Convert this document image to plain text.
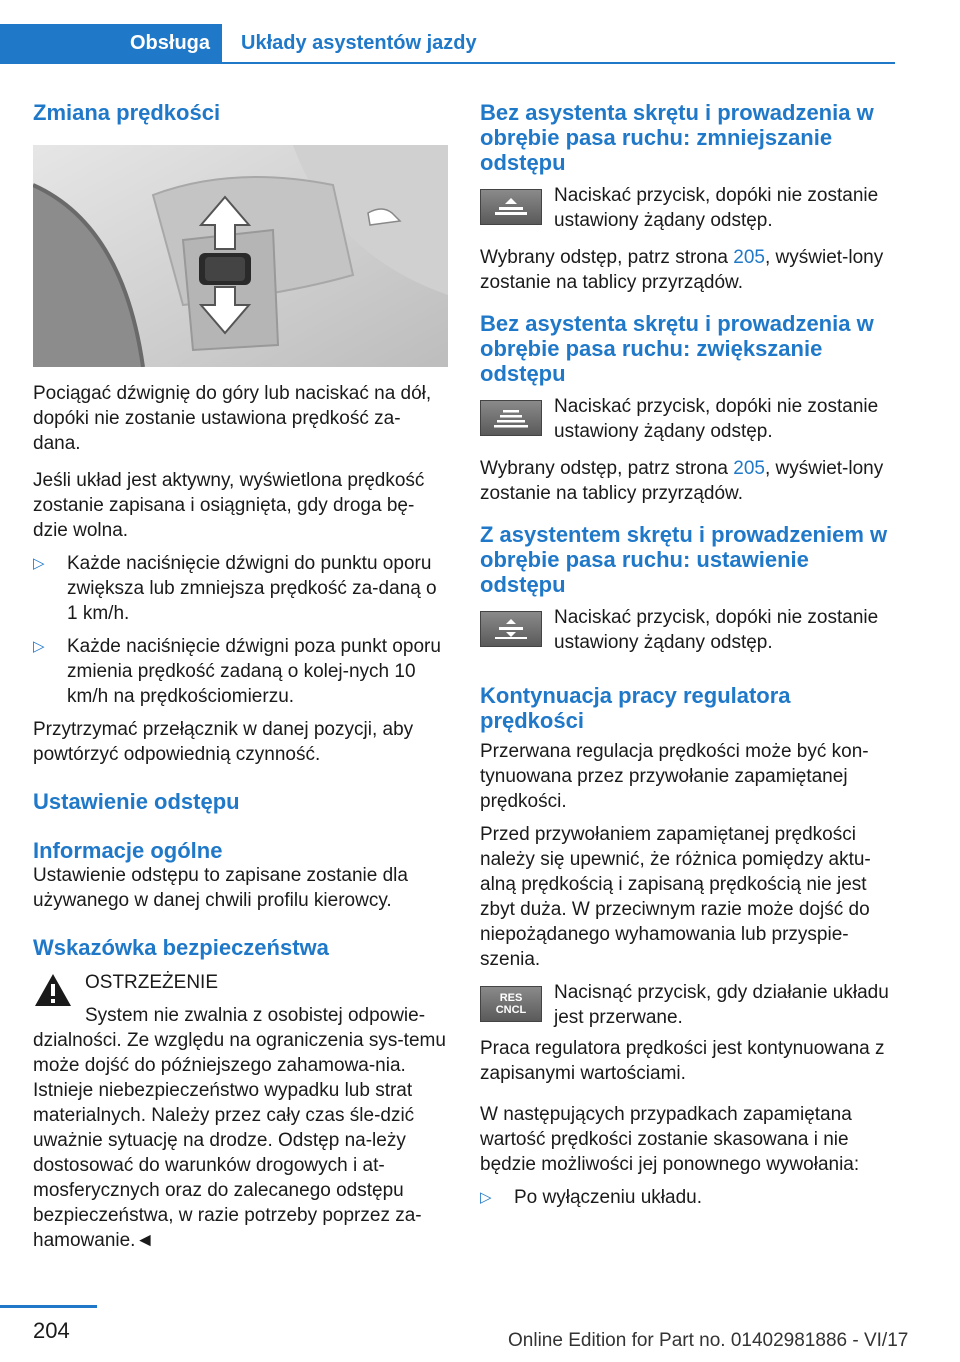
Obsługa	Układy asystentów jazdy
Zmiana prędkości

Pociągać dźwignię do góry lub naciskać na dół, dopóki nie zostanie ustawiona prędkość za‐dana.

Jeśli układ jest aktywny, wyświetlona prędkość zostanie zapisana i osiągnięta, gdy droga bę‐dzie wolna.

▷ Każde naciśnięcie dźwigni do punktu oporu zwiększa lub zmniejsza prędkość za‐daną o 1 km/h.
▷ Każde naciśnięcie dźwigni poza punkt oporu zmienia prędkość zadaną o kolej‐nych 10 km/h na prędkościomierzu.

Przytrzymać przełącznik w danej pozycji, aby powtórzyć odpowiednią czynność.

Ustawienie odstępu
Informacje ogólne

Ustawienie odstępu to zapisane zostanie dla używanego w danej chwili profilu kierowcy.

Wskazówka bezpieczeństwa

OSTRZEŻENIE

System nie zwalnia z osobistej odpowie‐

dzialności. Ze względu na ograniczenia sys‐temu może dojść do późniejszego zahamowa‐nia. Istnieje niebezpieczeństwo wypadku lub strat materialnych. Należy przez cały czas śle‐dzić uważnie sytuację na drodze. Odstęp na‐leży dostosować do warunków drogowych i at‐mosferycznych oraz do zalecanego odstępu bezpieczeństwa, w razie potrzeby poprzez za‐hamowanie.◄

Bez asystenta skrętu i prowadzenia w obrębie pasa ruchu: zmniejszanie odstępu

Naciskać przycisk, dopóki nie zostanie ustawiony żądany odstęp.

Wybrany odstęp, patrz strona 205, wyświet‐lony zostanie na tablicy przyrządów.

Bez asystenta skrętu i prowadzenia w obrębie pasa ruchu: zwiększanie odstępu

Naciskać przycisk, dopóki nie zostanie ustawiony żądany odstęp.

Wybrany odstęp, patrz strona 205, wyświet‐lony zostanie na tablicy przyrządów.

Z asystentem skrętu i prowadzeniem w obrębie pasa ruchu: ustawienie odstępu

Naciskać przycisk, dopóki nie zostanie ustawiony żądany odstęp.

Kontynuacja pracy regulatora prędkości

Przerwana regulacja prędkości może być kon‐tynuowana przez przywołanie zapamiętanej prędkości.

Przed przywołaniem zapamiętanej prędkości należy się upewnić, że różnica pomiędzy aktu‐alną prędkością i zapisaną prędkością nie jest zbyt duża. W przeciwnym razie może dojść do niepożądanego wyhamowania lub przyspie‐szenia.

RES
CNCL

Nacisnąć przycisk, gdy działanie układu jest przerwane.

Praca regulatora prędkości jest kontynuowana z zapisanymi wartościami.

W następujących przypadkach zapamiętana wartość prędkości zostanie skasowana i nie będzie możliwości jej ponownego wywołania:

▷ Po wyłączeniu układu.
204	Online Edition for Part no. 01402981886 - VI/17
